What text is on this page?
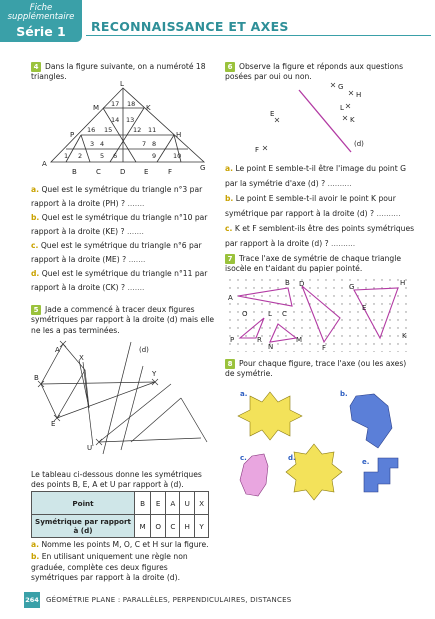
Fiche supplémentaire
Série 1	RECONNAISSANCE ET AXES
4 Dans la figure suivante, on a numéroté 18 triangles.
L
M	K
P	H
A
B	C	D	E	F	G
1 2
3 4
5 6
7 8
9	10
11
12
13
14
15
16
17 18
a. Quel est le symétrique du triangle n°3 par rapport à la droite (PH) ? .......
b. Quel est le symétrique du triangle n°10 par rapport à la droite (KE) ? .......
c. Quel est le symétrique du triangle n°6 par rapport à la droite (ME) ? .......
d. Quel est le symétrique du triangle n°11 par rapport à la droite (CK) ? .......
5 Jade a commencé à tracer deux figures symétriques par rapport à la droite (d) mais elle ne les a pas terminées.
A
X
(d)
B	Y
E
U
Le tableau ci-dessous donne les symétriques des points B, E, A et U par rapport à (d).
Point	B	E	A	U	X
Symétrique par rapport à (d)	M	O	C	H	Y
a. Nomme les points M, O, C et H sur la figure.
b. En utilisant uniquement une règle non graduée, complète ces deux figures symétriques par rapport à la droite (d).
6 Observe la figure et réponds aux questions posées par oui ou non.
G
H
L
K
E
F
(d)
a. Le point E semble-t-il être l'image du point G par la symétrie d'axe (d) ? ..........
b. Le point E semble-t-il avoir le point K pour symétrique par rapport à la droite (d) ? ..........
c. K et F semblent-ils être des points symétriques par rapport à la droite (d) ? ..........
7 Trace l'axe de symétrie de chaque triangle isocèle en t'aidant du papier pointé.
B D	G	H
A
E
O	L C
K
P	R
N
M
F
8 Pour chaque figure, trace l'axe (ou les axes) de symétrie.
a.	b.
c.	d.	e.
264 GÉOMÉTRIE PLANE : PARALLÈLES, PERPENDICULAIRES, DISTANCES
